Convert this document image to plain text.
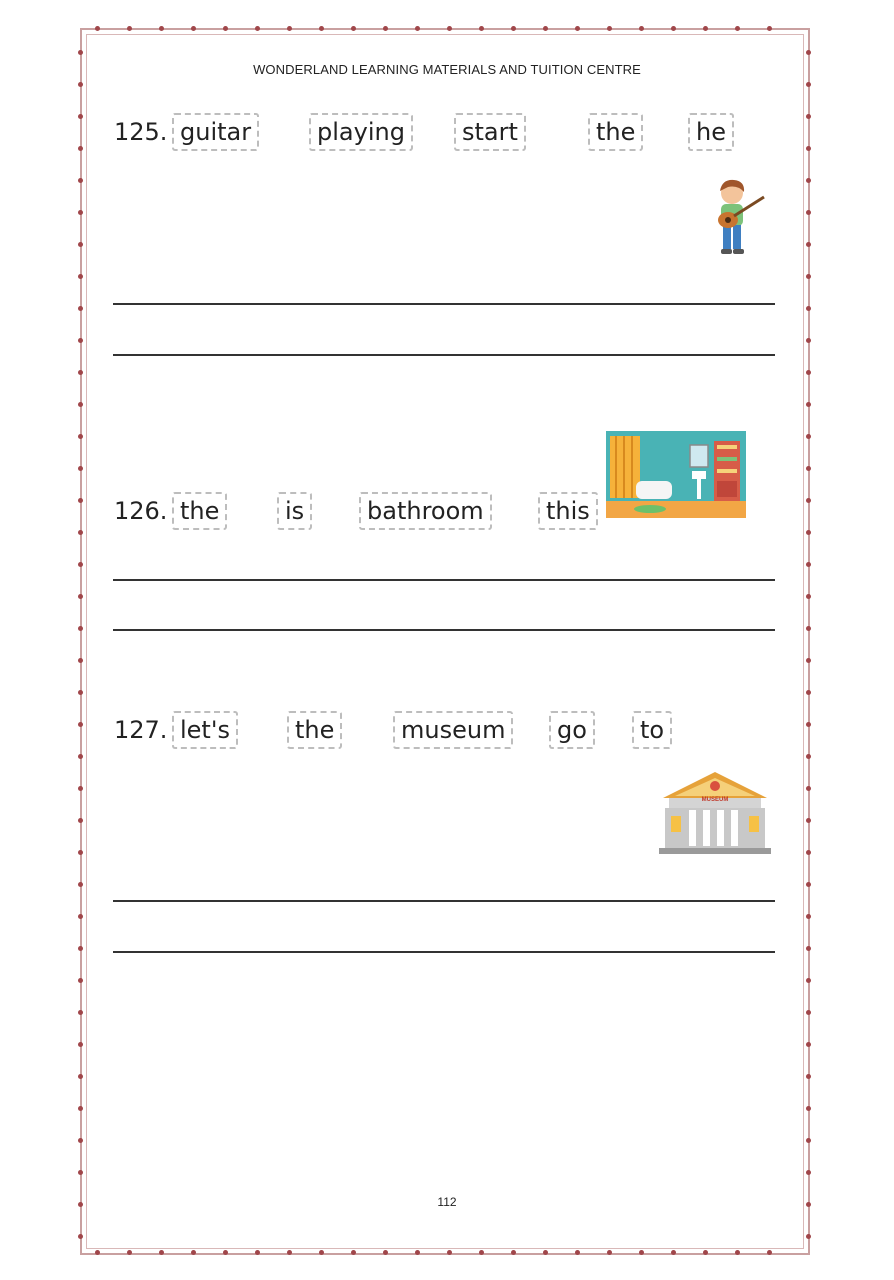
WONDERLAND LEARNING MATERIALS AND TUITION CENTRE
125. guitar	playing	start	the	he
126. the	is	bathroom	this
127. let's	the	museum	go	to
MUSEUM
112
